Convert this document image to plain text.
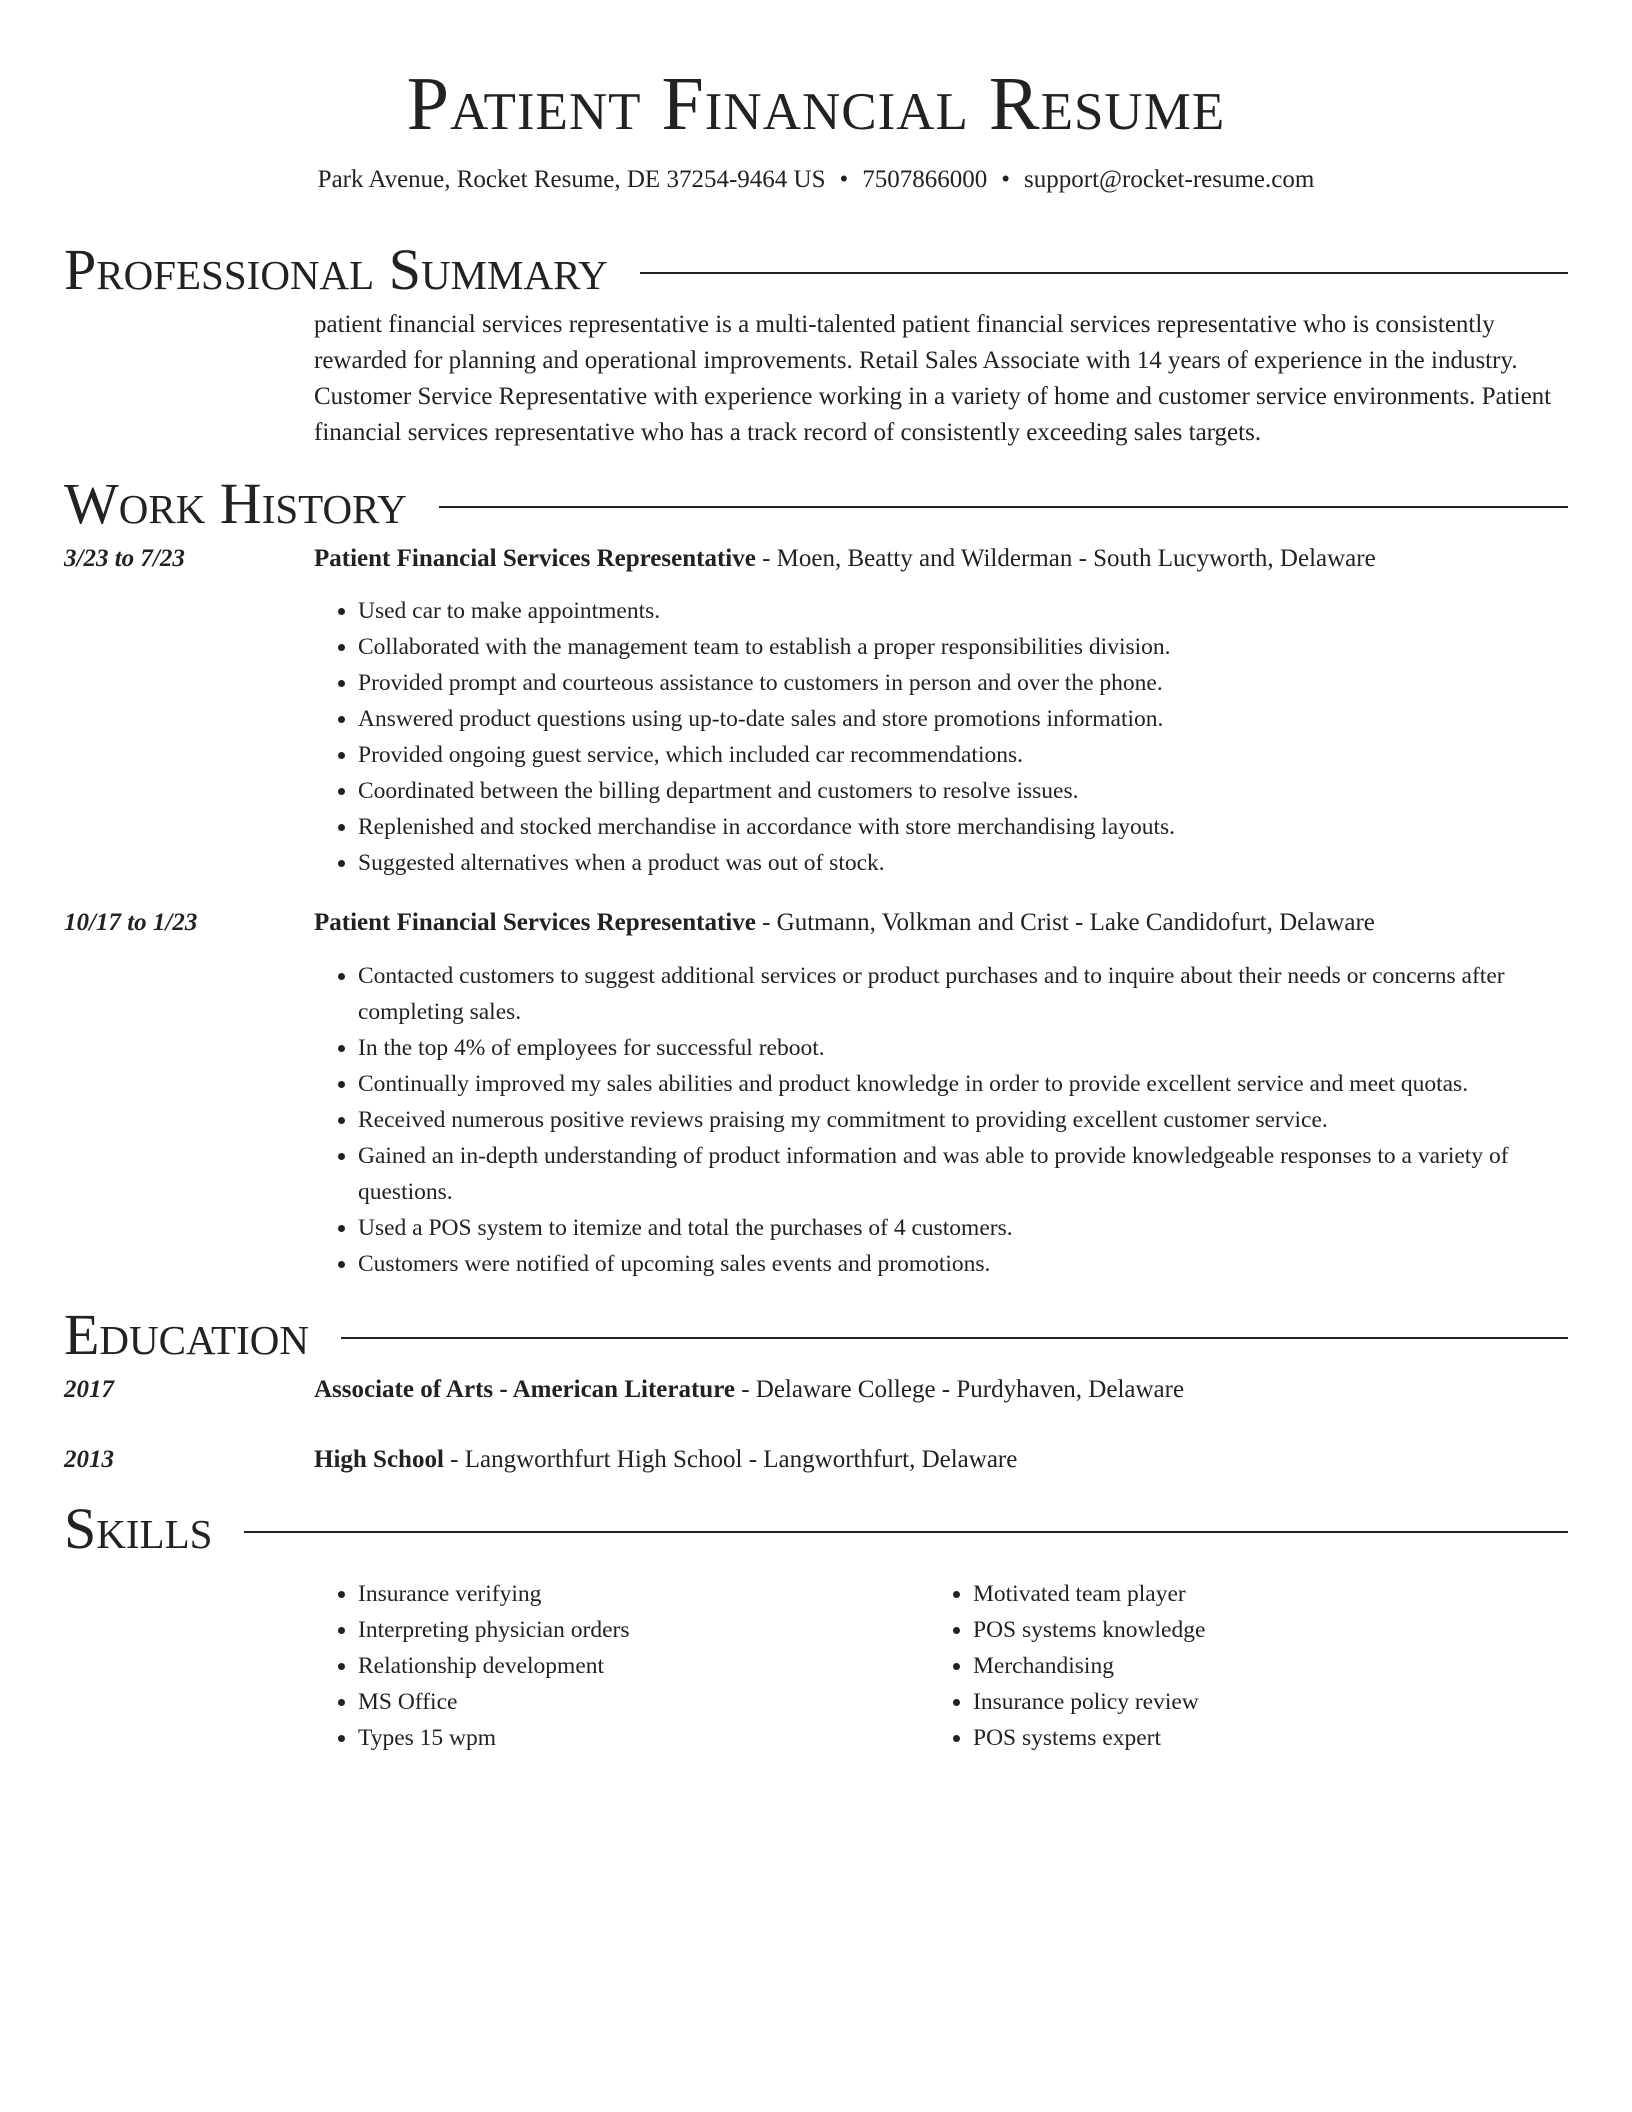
Patient Financial Resume
Park Avenue, Rocket Resume, DE 37254-9464 US • 7507866000 • support@rocket-resume.com
Professional Summary
patient financial services representative is a multi-talented patient financial services representative who is consistently rewarded for planning and operational improvements. Retail Sales Associate with 14 years of experience in the industry. Customer Service Representative with experience working in a variety of home and customer service environments. Patient financial services representative who has a track record of consistently exceeding sales targets.
Work History
3/23 to 7/23	Patient Financial Services Representative - Moen, Beatty and Wilderman - South Lucyworth, Delaware
• Used car to make appointments.
• Collaborated with the management team to establish a proper responsibilities division.
• Provided prompt and courteous assistance to customers in person and over the phone.
• Answered product questions using up-to-date sales and store promotions information.
• Provided ongoing guest service, which included car recommendations.
• Coordinated between the billing department and customers to resolve issues.
• Replenished and stocked merchandise in accordance with store merchandising layouts.
• Suggested alternatives when a product was out of stock.
10/17 to 1/23	Patient Financial Services Representative - Gutmann, Volkman and Crist - Lake Candidofurt, Delaware
• Contacted customers to suggest additional services or product purchases and to inquire about their needs or concerns after completing sales.
• In the top 4% of employees for successful reboot.
• Continually improved my sales abilities and product knowledge in order to provide excellent service and meet quotas.
• Received numerous positive reviews praising my commitment to providing excellent customer service.
• Gained an in-depth understanding of product information and was able to provide knowledgeable responses to a variety of questions.
• Used a POS system to itemize and total the purchases of 4 customers.
• Customers were notified of upcoming sales events and promotions.
Education
2017	Associate of Arts - American Literature - Delaware College - Purdyhaven, Delaware
2013	High School - Langworthfurt High School - Langworthfurt, Delaware
Skills
• Insurance verifying
• Interpreting physician orders
• Relationship development
• MS Office
• Types 15 wpm
• Motivated team player
• POS systems knowledge
• Merchandising
• Insurance policy review
• POS systems expert
